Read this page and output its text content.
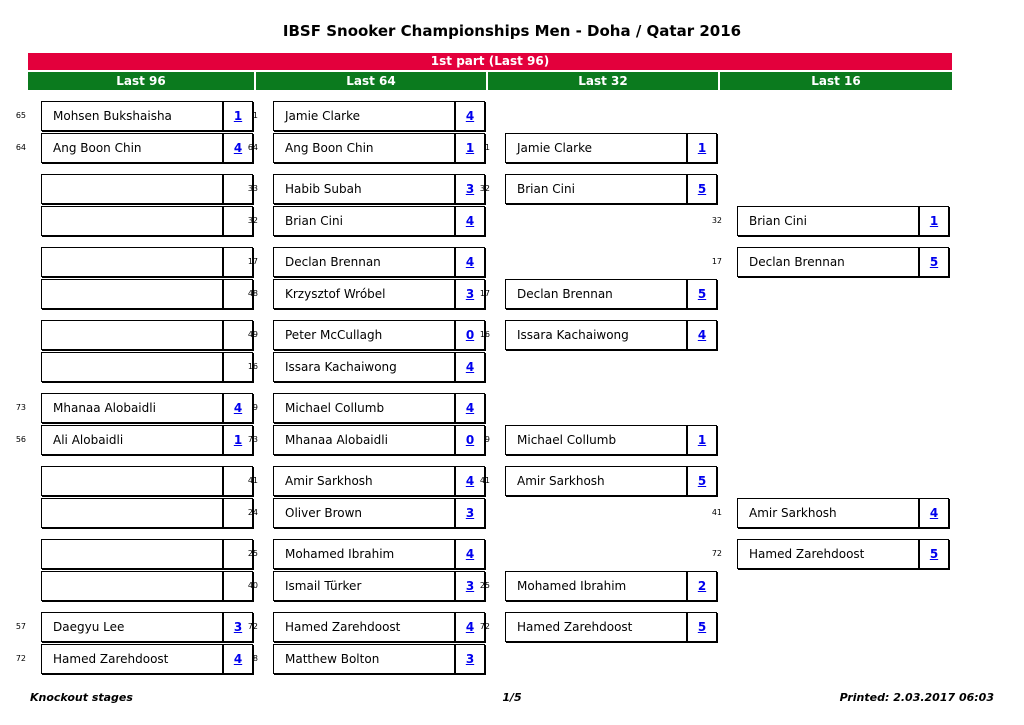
IBSF Snooker Championships Men - Doha / Qatar 2016
1st part (Last 96)
Last 96	Last 64	Last 32	Last 16
65	Mohsen Bukshaisha	1
64	Ang Boon Chin	4
73	Mhanaa Alobaidli	4
56	Ali Alobaidli	1
57	Daegyu Lee	3
72	Hamed Zarehdoost	4
1	Jamie Clarke	4
64	Ang Boon Chin	1
33	Habib Subah	3
32	Brian Cini	4
17	Declan Brennan	4
48	Krzysztof Wróbel	3
49	Peter McCullagh	0
16	Issara Kachaiwong	4
9	Michael Collumb	4
73	Mhanaa Alobaidli	0
41	Amir Sarkhosh	4
24	Oliver Brown	3
25	Mohamed Ibrahim	4
40	Ismail Türker	3
72	Hamed Zarehdoost	4
8	Matthew Bolton	3
1	Jamie Clarke	1
32	Brian Cini	5
17	Declan Brennan	5
16	Issara Kachaiwong	4
9	Michael Collumb	1
41	Amir Sarkhosh	5
25	Mohamed Ibrahim	2
72	Hamed Zarehdoost	5
32	Brian Cini	1
17	Declan Brennan	5
41	Amir Sarkhosh	4
72	Hamed Zarehdoost	5
Knockout stages	1/5	Printed: 2.03.2017 06:03
